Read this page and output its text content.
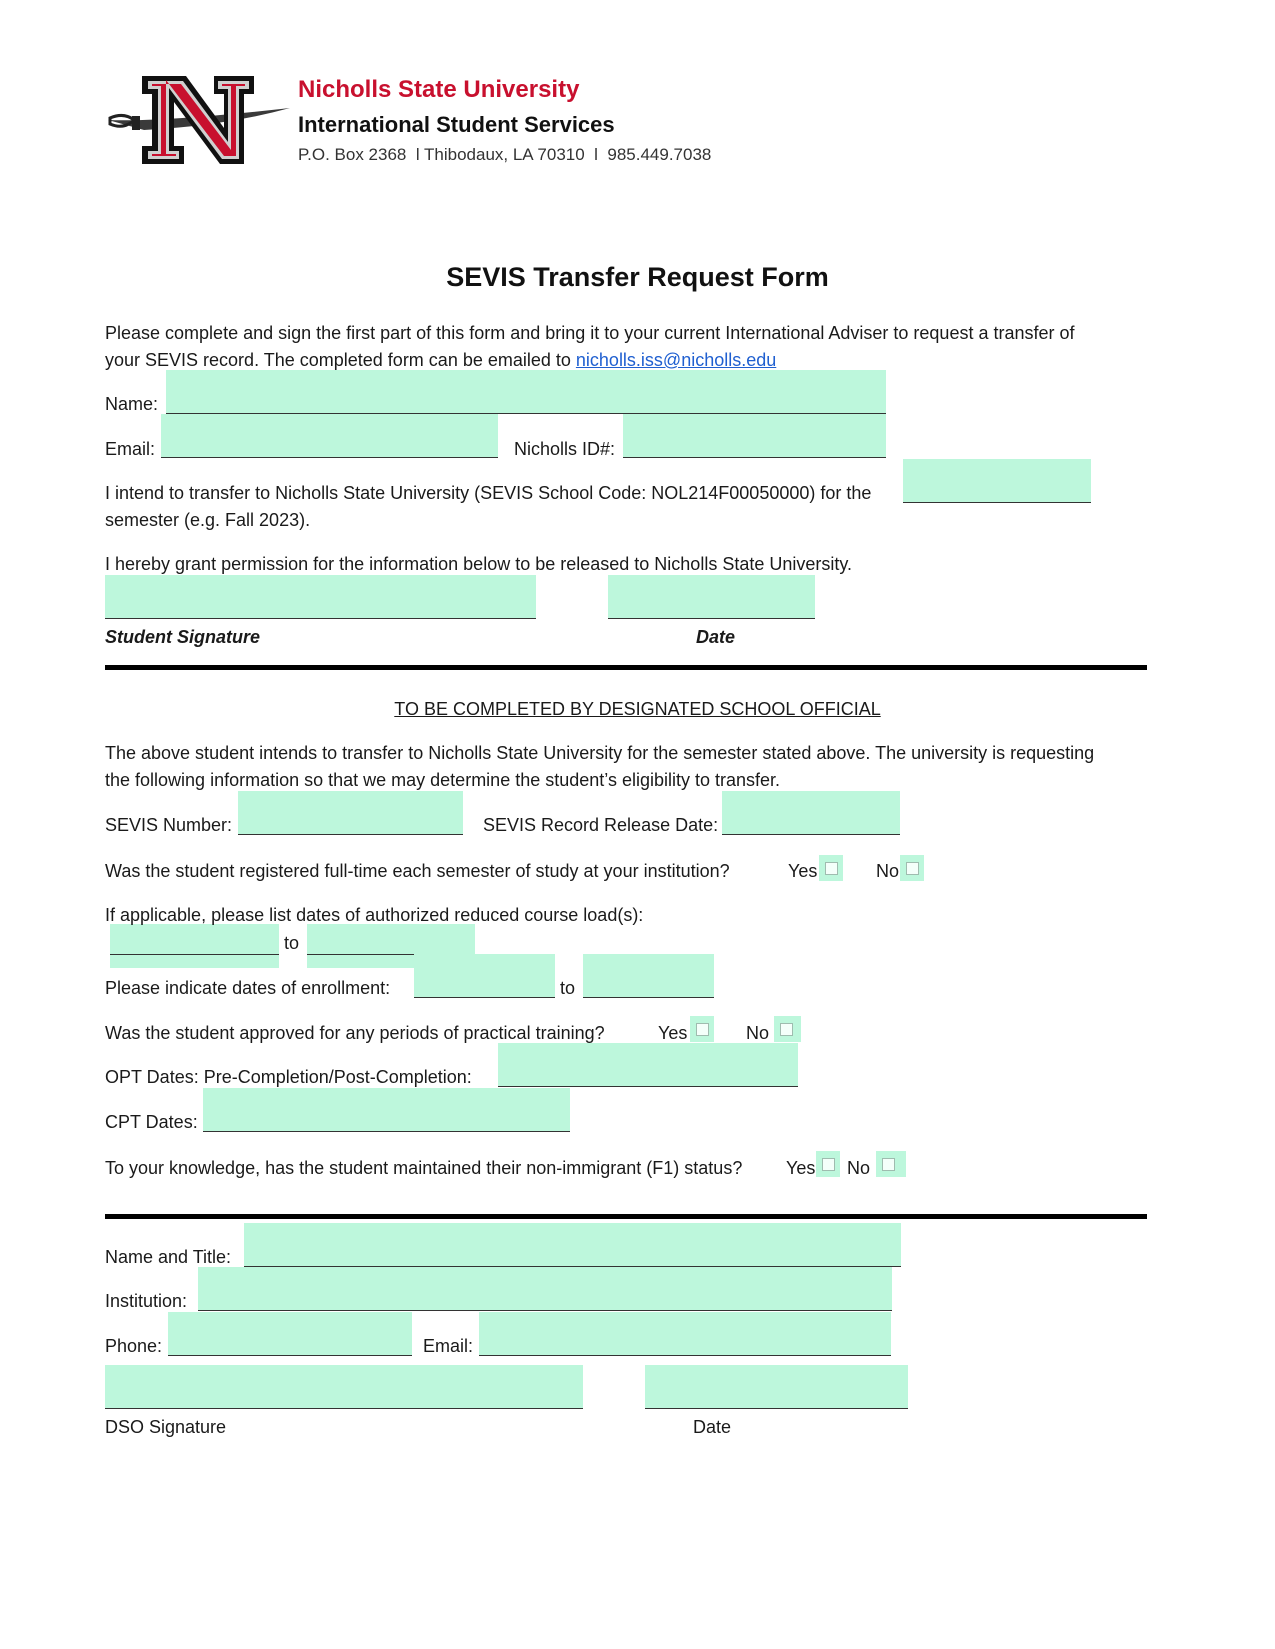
Nicholls State University
International Student Services
P.O. Box 2368  l Thibodaux, LA 70310  l  985.449.7038
SEVIS Transfer Request Form
Please complete and sign the first part of this form and bring it to your current International Adviser to request a transfer of
your SEVIS record. The completed form can be emailed to nicholls.iss@nicholls.edu
Name:
Email:	Nicholls ID#:
I intend to transfer to Nicholls State University (SEVIS School Code: NOL214F00050000) for the
semester (e.g. Fall 2023).
I hereby grant permission for the information below to be released to Nicholls State University.
Student Signature	Date
TO BE COMPLETED BY DESIGNATED SCHOOL OFFICIAL
The above student intends to transfer to Nicholls State University for the semester stated above. The university is requesting
the following information so that we may determine the student’s eligibility to transfer.
SEVIS Number:	SEVIS Record Release Date:
Was the student registered full-time each semester of study at your institution?	Yes	No
If applicable, please list dates of authorized reduced course load(s):
to
Please indicate dates of enrollment:	to
Was the student approved for any periods of practical training?	Yes	No
OPT Dates: Pre-Completion/Post-Completion:
CPT Dates:
To your knowledge, has the student maintained their non-immigrant (F1) status? Yes No
Name and Title:
Institution:
Phone:	Email:
DSO Signature	Date
